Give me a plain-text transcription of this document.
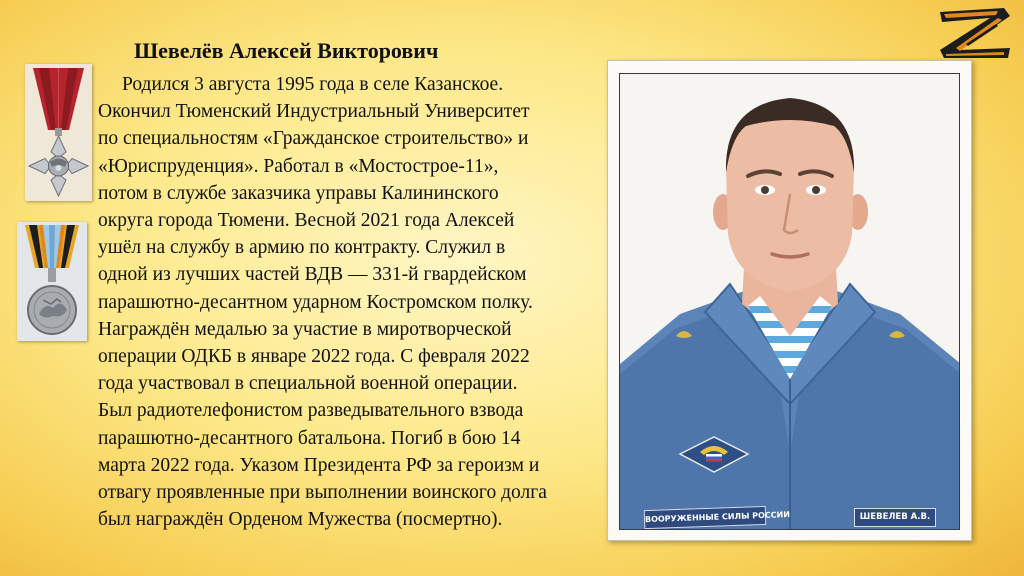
Шевелёв Алексей Викторович

Родился 3 августа 1995 года в селе Казанское.
Окончил Тюменский Индустриальный Университет
по специальностям «Гражданское строительство» и
«Юриспруденция». Работал в «Мостострое-11»,
потом в службе заказчика управы Калининского
округа города Тюмени. Весной 2021 года Алексей
ушёл на службу в армию по контракту. Служил в
одной из лучших частей ВДВ — 331-й гвардейском
парашютно-десантном ударном Костромском полку.
Награждён медалью за участие в миротворческой
операции ОДКБ в январе 2022 года. С февраля 2022
года участвовал в специальной военной операции.
Был радиотелефонистом разведывательного взвода
парашютно-десантного батальона. Погиб в бою 14
марта 2022 года. Указом Президента РФ за героизм и
отвагу проявленные при выполнении воинского долга
был награждён Орденом Мужества (посмертно).	ВООРУЖЕННЫЕ СИЛЫ РОССИИ	ШЕВЕЛЕВ А.В.
